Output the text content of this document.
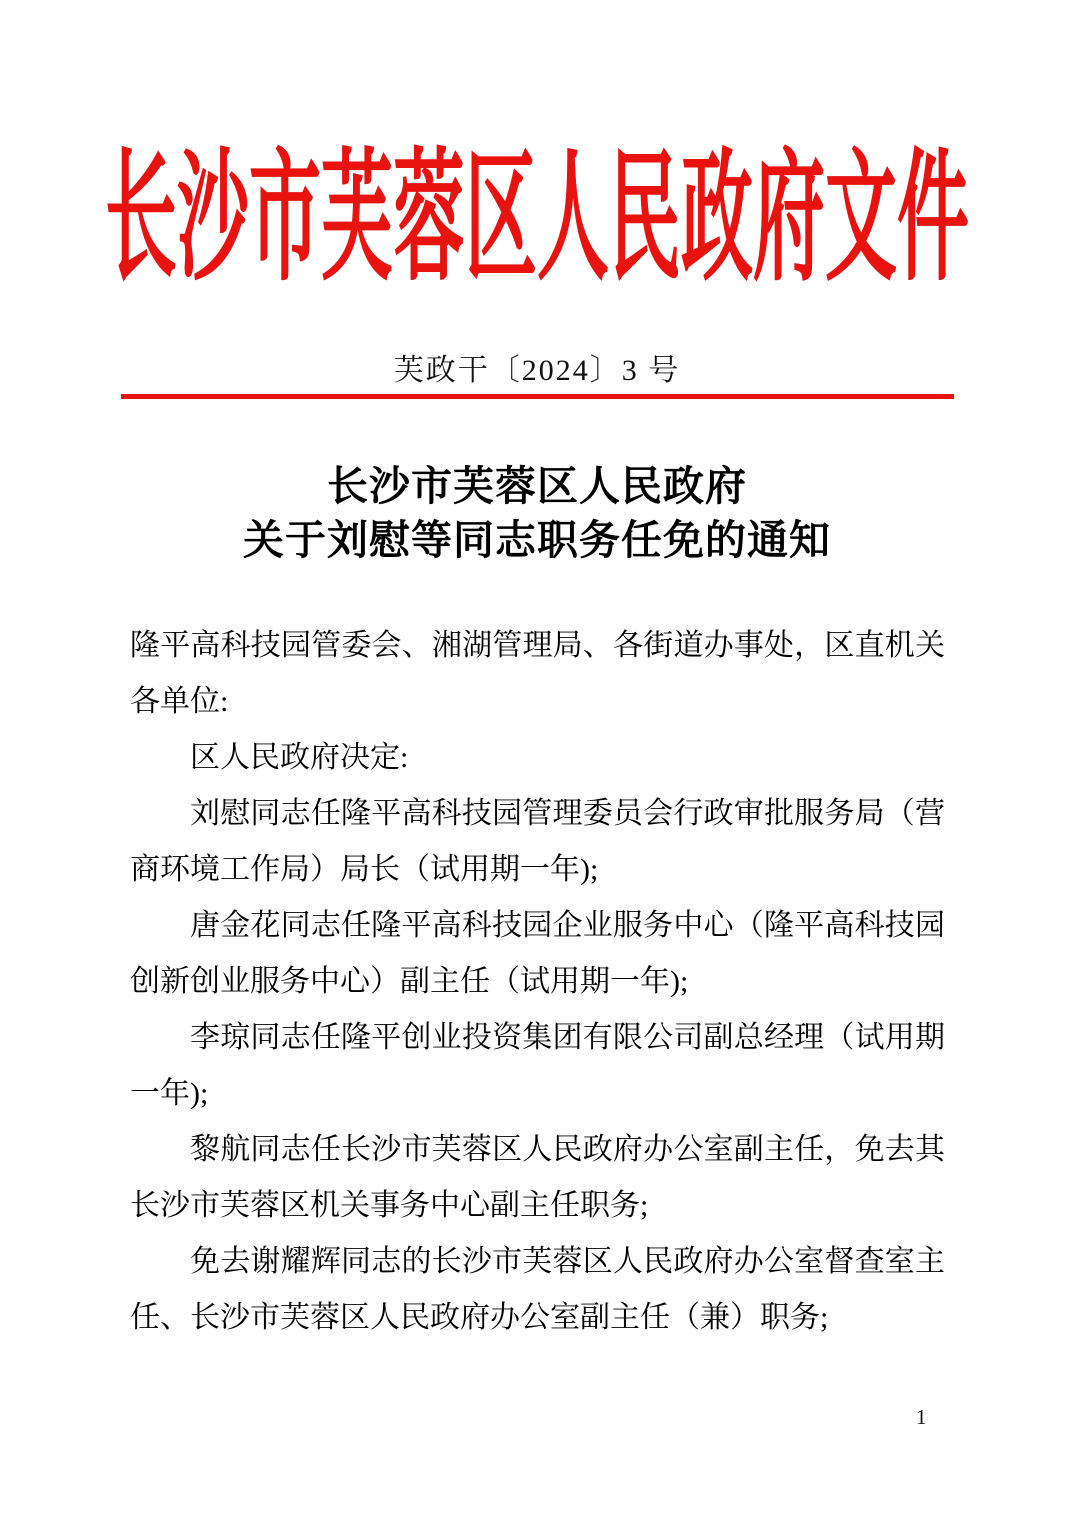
长沙市芙蓉区人民政府文件
芙政干〔2024〕3 号
长沙市芙蓉区人民政府
关于刘慰等同志职务任免的通知

隆平高科技园管委会、湘湖管理局、各街道办事处，区直机关各单位:

区人民政府决定:

刘慰同志任隆平高科技园管理委员会行政审批服务局（营商环境工作局）局长（试用期一年);

唐金花同志任隆平高科技园企业服务中心（隆平高科技园创新创业服务中心）副主任（试用期一年);

李琼同志任隆平创业投资集团有限公司副总经理（试用期一年);

黎航同志任长沙市芙蓉区人民政府办公室副主任，免去其长沙市芙蓉区机关事务中心副主任职务;

免去谢耀辉同志的长沙市芙蓉区人民政府办公室督查室主任、长沙市芙蓉区人民政府办公室副主任（兼）职务;

1
